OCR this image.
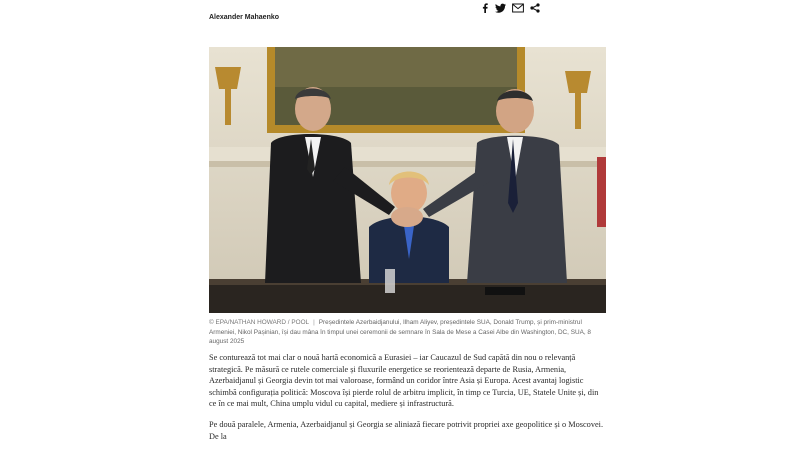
Alexander Mahaenko
© EPA/NATHAN HOWARD / POOL | Președintele Azerbaidjanului, Ilham Aliyev, președintele SUA, Donald Trump, și prim-ministrul Armeniei, Nikol Pașinian, își dau mâna în timpul unei ceremonii de semnare în Sala de Mese a Casei Albe din Washington, DC, SUA, 8 august 2025

Se conturează tot mai clar o nouă hartă economică a Eurasiei – iar Caucazul de Sud capătă din nou o relevanță strategică. Pe măsură ce rutele comerciale și fluxurile energetice se reorientează departe de Rusia, Armenia, Azerbaidjanul și Georgia devin tot mai valoroase, formând un coridor între Asia și Europa. Acest avantaj logistic schimbă configurația politică: Moscova își pierde rolul de arbitru implicit, în timp ce Turcia, UE, Statele Unite și, din ce în ce mai mult, China umplu vidul cu capital, mediere și infrastructură.

Pe două paralele, Armenia, Azerbaidjanul și Georgia se aliniază fiecare potrivit propriei axe geopolitice și o Moscovei. De la
